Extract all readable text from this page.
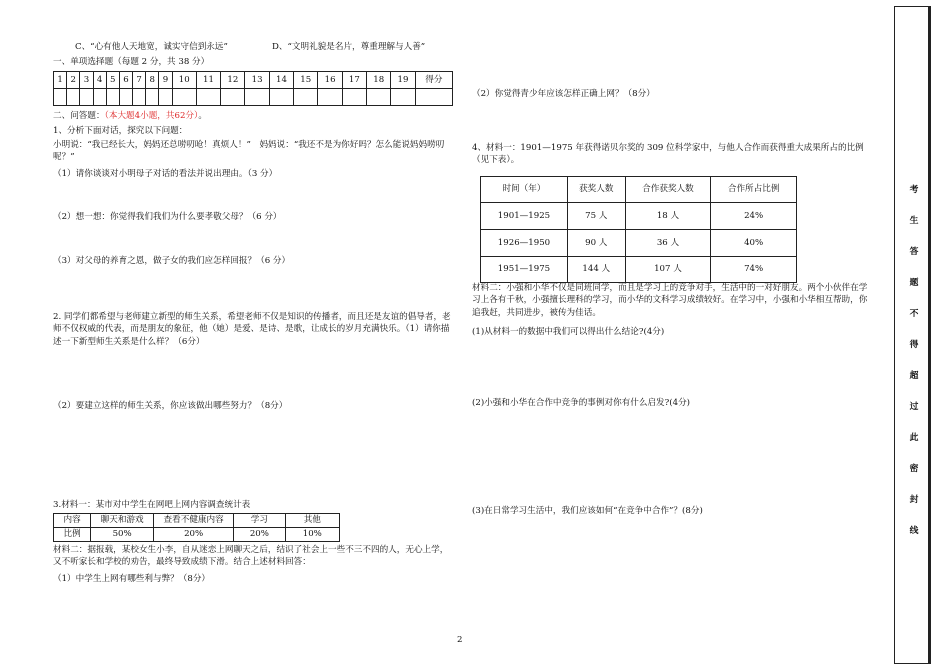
C、“心有他人天地宽，诚实守信到永远”	D、“文明礼貌是名片，尊重理解与人善”
一、单项选择题（每题 2 分，共 38 分）
1	2	3	4	5	6	7	8	9	10	11	12	13	14	15	16	17	18	19	得分

二、问答题：（本大题4小题，共62分）。
1、分析下面对话，探究以下问题：
小明说：“我已经长大，妈妈还总唠叨呛！真烦人！”　妈妈说：“我还不是为你好吗？怎么能说妈妈唠叨呢？”
（1）请你谈谈对小明母子对话的看法并说出理由。（3 分）
（2）想一想：你觉得我们我们为什么要孝敬父母？（6 分）
（3）对父母的养育之恩，做子女的我们应怎样回报？（6 分）
2. 同学们都希望与老师建立新型的师生关系，希望老师不仅是知识的传播者，而且还是友谊的倡导者，老师不仅权威的代表，而是朋友的象征，他（她）是爱、是诗、是歌，让成长的岁月充满快乐。（1）请你描述一下新型师生关系是什么样？（6分）
（2）要建立这样的师生关系，你应该做出哪些努力？（8分）
3.材料一：某市对中学生在网吧上网内容调查统计表
内容	聊天和游戏	查看不健康内容	学习	其他
比例	50%	20%	20%	10%
材料二：据报载，某校女生小李，自从迷恋上网聊天之后，结识了社会上一些不三不四的人，无心上学，又不听家长和学校的劝告，最终导致成绩下滑。结合上述材料回答：
（1）中学生上网有哪些利与弊？（8分）
（2）你觉得青少年应该怎样正确上网？（8分）
4、材料一：1901—1975 年获得诺贝尔奖的 309 位科学家中，与他人合作而获得重大成果所占的比例（见下表）。
时间（年）	获奖人数	合作获奖人数	合作所占比例
1901—1925	75 人	18 人	24%
1926—1950	90 人	36 人	40%
1951—1975	144 人	107 人	74%
材料二：小强和小华不仅是同班同学，而且是学习上的竞争对手，生活中的一对好朋友。两个小伙伴在学习上各有千秋，小强擅长理科的学习，而小华的文科学习成绩较好。在学习中，小强和小华相互帮助，你追我赶，共同进步，被传为佳话。
(1)从材料一的数据中我们可以得出什么结论?(4分)
(2)小强和小华在合作中竞争的事例对你有什么启发?(4分)
(3)在日常学习生活中，我们应该如何“在竞争中合作”？(8分)
2
考
生
答
题
不
得
超
过
此
密
封
线
